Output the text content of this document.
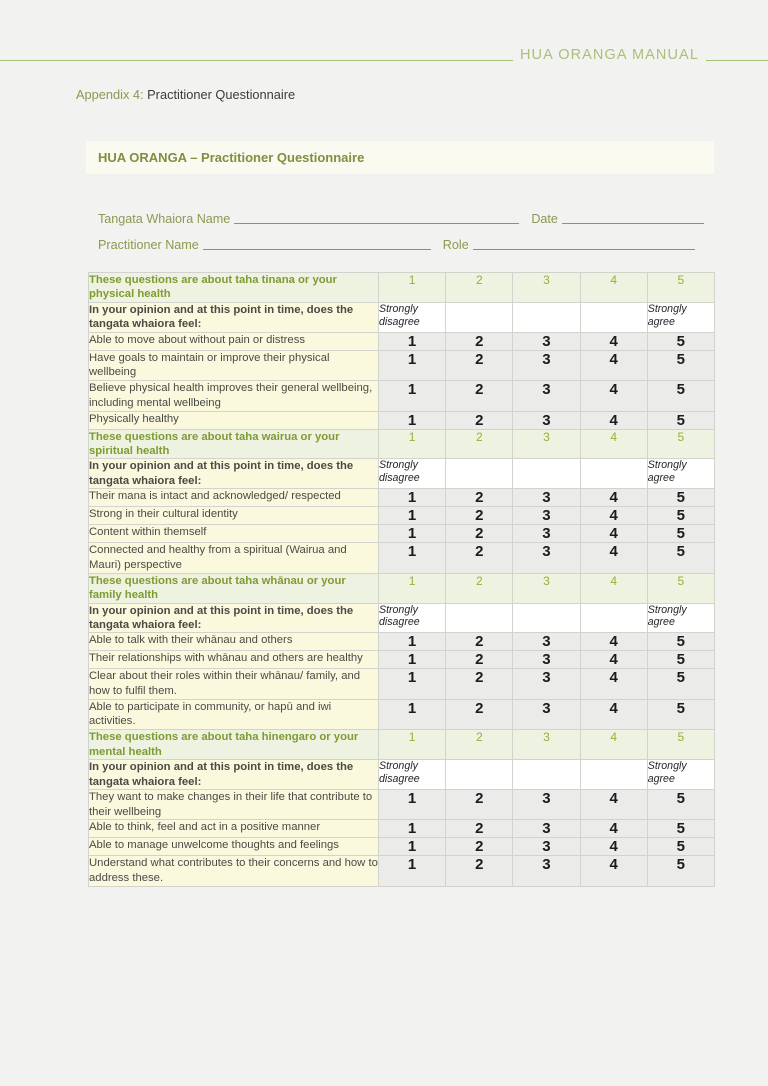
HUA ORANGA MANUAL
Appendix 4: Practitioner Questionnaire
HUA ORANGA – Practitioner Questionnaire
Tangata Whaiora Name	Date
Practitioner Name	Role
These questions are about taha tinana or your physical health	1	2	3	4	5
In your opinion and at this point in time, does the tangata whaiora feel:	Strongly disagree				Strongly agree
Able to move about without pain or distress	1	2	3	4	5
Have goals to maintain or improve their physical wellbeing	1	2	3	4	5
Believe physical health improves their general wellbeing, including mental wellbeing	1	2	3	4	5
Physically healthy	1	2	3	4	5
These questions are about taha wairua or your spiritual health	1	2	3	4	5
In your opinion and at this point in time, does the tangata whaiora feel:	Strongly disagree				Strongly agree
Their mana is intact and acknowledged/ respected	1	2	3	4	5
Strong in their cultural identity	1	2	3	4	5
Content within themself	1	2	3	4	5
Connected and healthy from a spiritual (Wairua and Mauri) perspective	1	2	3	4	5
These questions are about taha whānau or your family health	1	2	3	4	5
In your opinion and at this point in time, does the tangata whaiora feel:	Strongly disagree				Strongly agree
Able to talk with their whānau and others	1	2	3	4	5
Their relationships with whānau and others are healthy	1	2	3	4	5
Clear about their roles within their whānau/ family, and how to fulfil them.	1	2	3	4	5
Able to participate in community, or hapū and iwi activities.	1	2	3	4	5
These questions are about taha hinengaro or your mental health	1	2	3	4	5
In your opinion and at this point in time, does the tangata whaiora feel:	Strongly disagree				Strongly agree
They want to make changes in their life that contribute to their wellbeing	1	2	3	4	5
Able to think, feel and act in a positive manner	1	2	3	4	5
Able to manage unwelcome thoughts and feelings	1	2	3	4	5
Understand what contributes to their concerns and how to address these.	1	2	3	4	5
